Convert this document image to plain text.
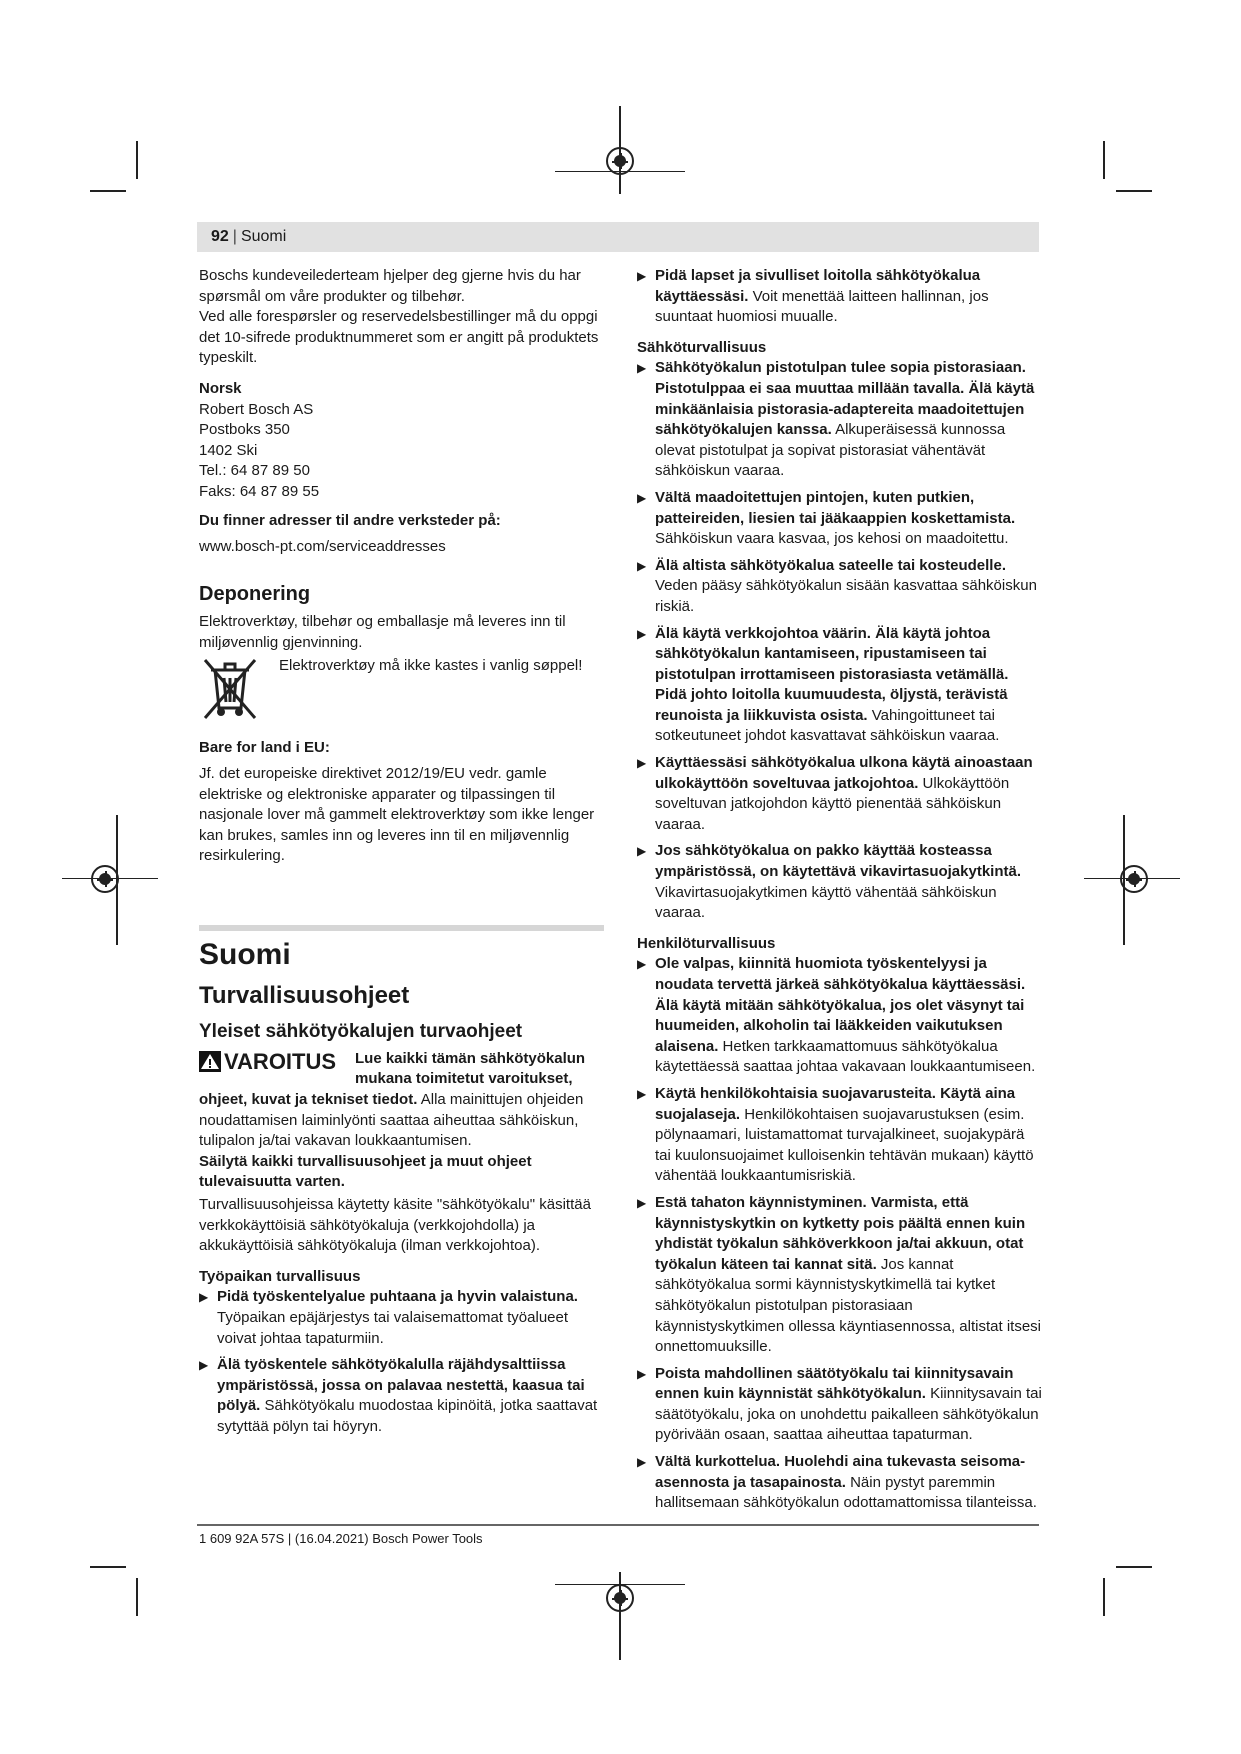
92 | Suomi

Boschs kundeveilederteam hjelper deg gjerne hvis du har spørsmål om våre produkter og tilbehør.

Ved alle forespørsler og reservedelsbestillinger må du oppgi det 10-sifrede produktnummeret som er angitt på produktets typeskilt.

Norsk

Robert Bosch AS
Postboks 350
1402 Ski
Tel.: 64 87 89 50
Faks: 64 87 89 55

Du finner adresser til andre verksteder på:

www.bosch-pt.com/serviceaddresses

Deponering

Elektroverktøy, tilbehør og emballasje må leveres inn til miljøvennlig gjenvinning.

Elektroverktøy må ikke kastes i vanlig søppel!

Bare for land i EU:

Jf. det europeiske direktivet 2012/19/EU vedr. gamle elektriske og elektroniske apparater og tilpassingen til nasjonale lover må gammelt elektroverktøy som ikke lenger kan brukes, samles inn og leveres inn til en miljøvennlig resirkulering.

Suomi
Turvallisuusohjeet
Yleiset sähkötyökalujen turvaohjeet
VAROITUS	Lue kaikki tämän sähkötyökalun mukana toimitetut varoitukset, ohjeet, kuvat ja tekniset tiedot. Alla mainittujen ohjeiden noudattamisen laiminlyönti saattaa aiheuttaa sähköiskun, tulipalon ja/tai vakavan loukkaantumisen.

Säilytä kaikki turvallisuusohjeet ja muut ohjeet tulevaisuutta varten.

Turvallisuusohjeissa käytetty käsite "sähkötyökalu" käsittää verkkokäyttöisiä sähkötyökaluja (verkkojohdolla) ja akkukäyttöisiä sähkötyökaluja (ilman verkkojohtoa).

Työpaikan turvallisuus

▶ Pidä työskentelyalue puhtaana ja hyvin valaistuna. Työpaikan epäjärjestys tai valaisemattomat työalueet voivat johtaa tapaturmiin.
▶ Älä työskentele sähkötyökalulla räjähdysalttiissa ympäristössä, jossa on palavaa nestettä, kaasua tai pölyä. Sähkötyökalu muodostaa kipinöitä, jotka saattavat sytyttää pölyn tai höyryn.
▶ Pidä lapset ja sivulliset loitolla sähkötyökalua käyttäessäsi. Voit menettää laitteen hallinnan, jos suuntaat huomiosi muualle.

Sähköturvallisuus

▶ Sähkötyökalun pistotulpan tulee sopia pistorasiaan. Pistotulppaa ei saa muuttaa millään tavalla. Älä käytä minkäänlaisia pistorasia-adaptereita maadoitettujen sähkötyökalujen kanssa. Alkuperäisessä kunnossa olevat pistotulpat ja sopivat pistorasiat vähentävät sähköiskun vaaraa.
▶ Vältä maadoitettujen pintojen, kuten putkien, patteireiden, liesien tai jääkaappien koskettamista. Sähköiskun vaara kasvaa, jos kehosi on maadoitettu.
▶ Älä altista sähkötyökalua sateelle tai kosteudelle. Veden pääsy sähkötyökalun sisään kasvattaa sähköiskun riskiä.
▶ Älä käytä verkkojohtoa väärin. Älä käytä johtoa sähkötyökalun kantamiseen, ripustamiseen tai pistotulpan irrottamiseen pistorasiasta vetämällä. Pidä johto loitolla kuumuudesta, öljystä, terävistä reunoista ja liikkuvista osista. Vahingoittuneet tai sotkeutuneet johdot kasvattavat sähköiskun vaaraa.
▶ Käyttäessäsi sähkötyökalua ulkona käytä ainoastaan ulkokäyttöön soveltuvaa jatkojohtoa. Ulkokäyttöön soveltuvan jatkojohdon käyttö pienentää sähköiskun vaaraa.
▶ Jos sähkötyökalua on pakko käyttää kosteassa ympäristössä, on käytettävä vikavirtasuojakytkintä. Vikavirtasuojakytkimen käyttö vähentää sähköiskun vaaraa.

Henkilöturvallisuus

▶ Ole valpas, kiinnitä huomiota työskentelyysi ja noudata tervettä järkeä sähkötyökalua käyttäessäsi. Älä käytä mitään sähkötyökalua, jos olet väsynyt tai huumeiden, alkoholin tai lääkkeiden vaikutuksen alaisena. Hetken tarkkaamattomuus sähkötyökalua käytettäessä saattaa johtaa vakavaan loukkaantumiseen.
▶ Käytä henkilökohtaisia suojavarusteita. Käytä aina suojalaseja. Henkilökohtaisen suojavarustuksen (esim. pölynaamari, luistamattomat turvajalkineet, suojakypärä tai kuulonsuojaimet kulloisenkin tehtävän mukaan) käyttö vähentää loukkaantumisriskiä.
▶ Estä tahaton käynnistyminen. Varmista, että käynnistyskytkin on kytketty pois päältä ennen kuin yhdistät työkalun sähköverkkoon ja/tai akkuun, otat työkalun käteen tai kannat sitä. Jos kannat sähkötyökalua sormi käynnistyskytkimellä tai kytket sähkötyökalun pistotulpan pistorasiaan käynnistyskytkimen ollessa käyntiasennossa, altistat itsesi onnettomuuksille.
▶ Poista mahdollinen säätötyökalu tai kiinnitysavain ennen kuin käynnistät sähkötyökalun. Kiinnitysavain tai säätötyökalu, joka on unohdettu paikalleen sähkötyökalun pyörivään osaan, saattaa aiheuttaa tapaturman.
▶ Vältä kurkottelua. Huolehdi aina tukevasta seisoma-asennosta ja tasapainosta. Näin pystyt paremmin hallitsemaan sähkötyökalun odottamattomissa tilanteissa.
1 609 92A 57S | (16.04.2021) Bosch Power Tools
